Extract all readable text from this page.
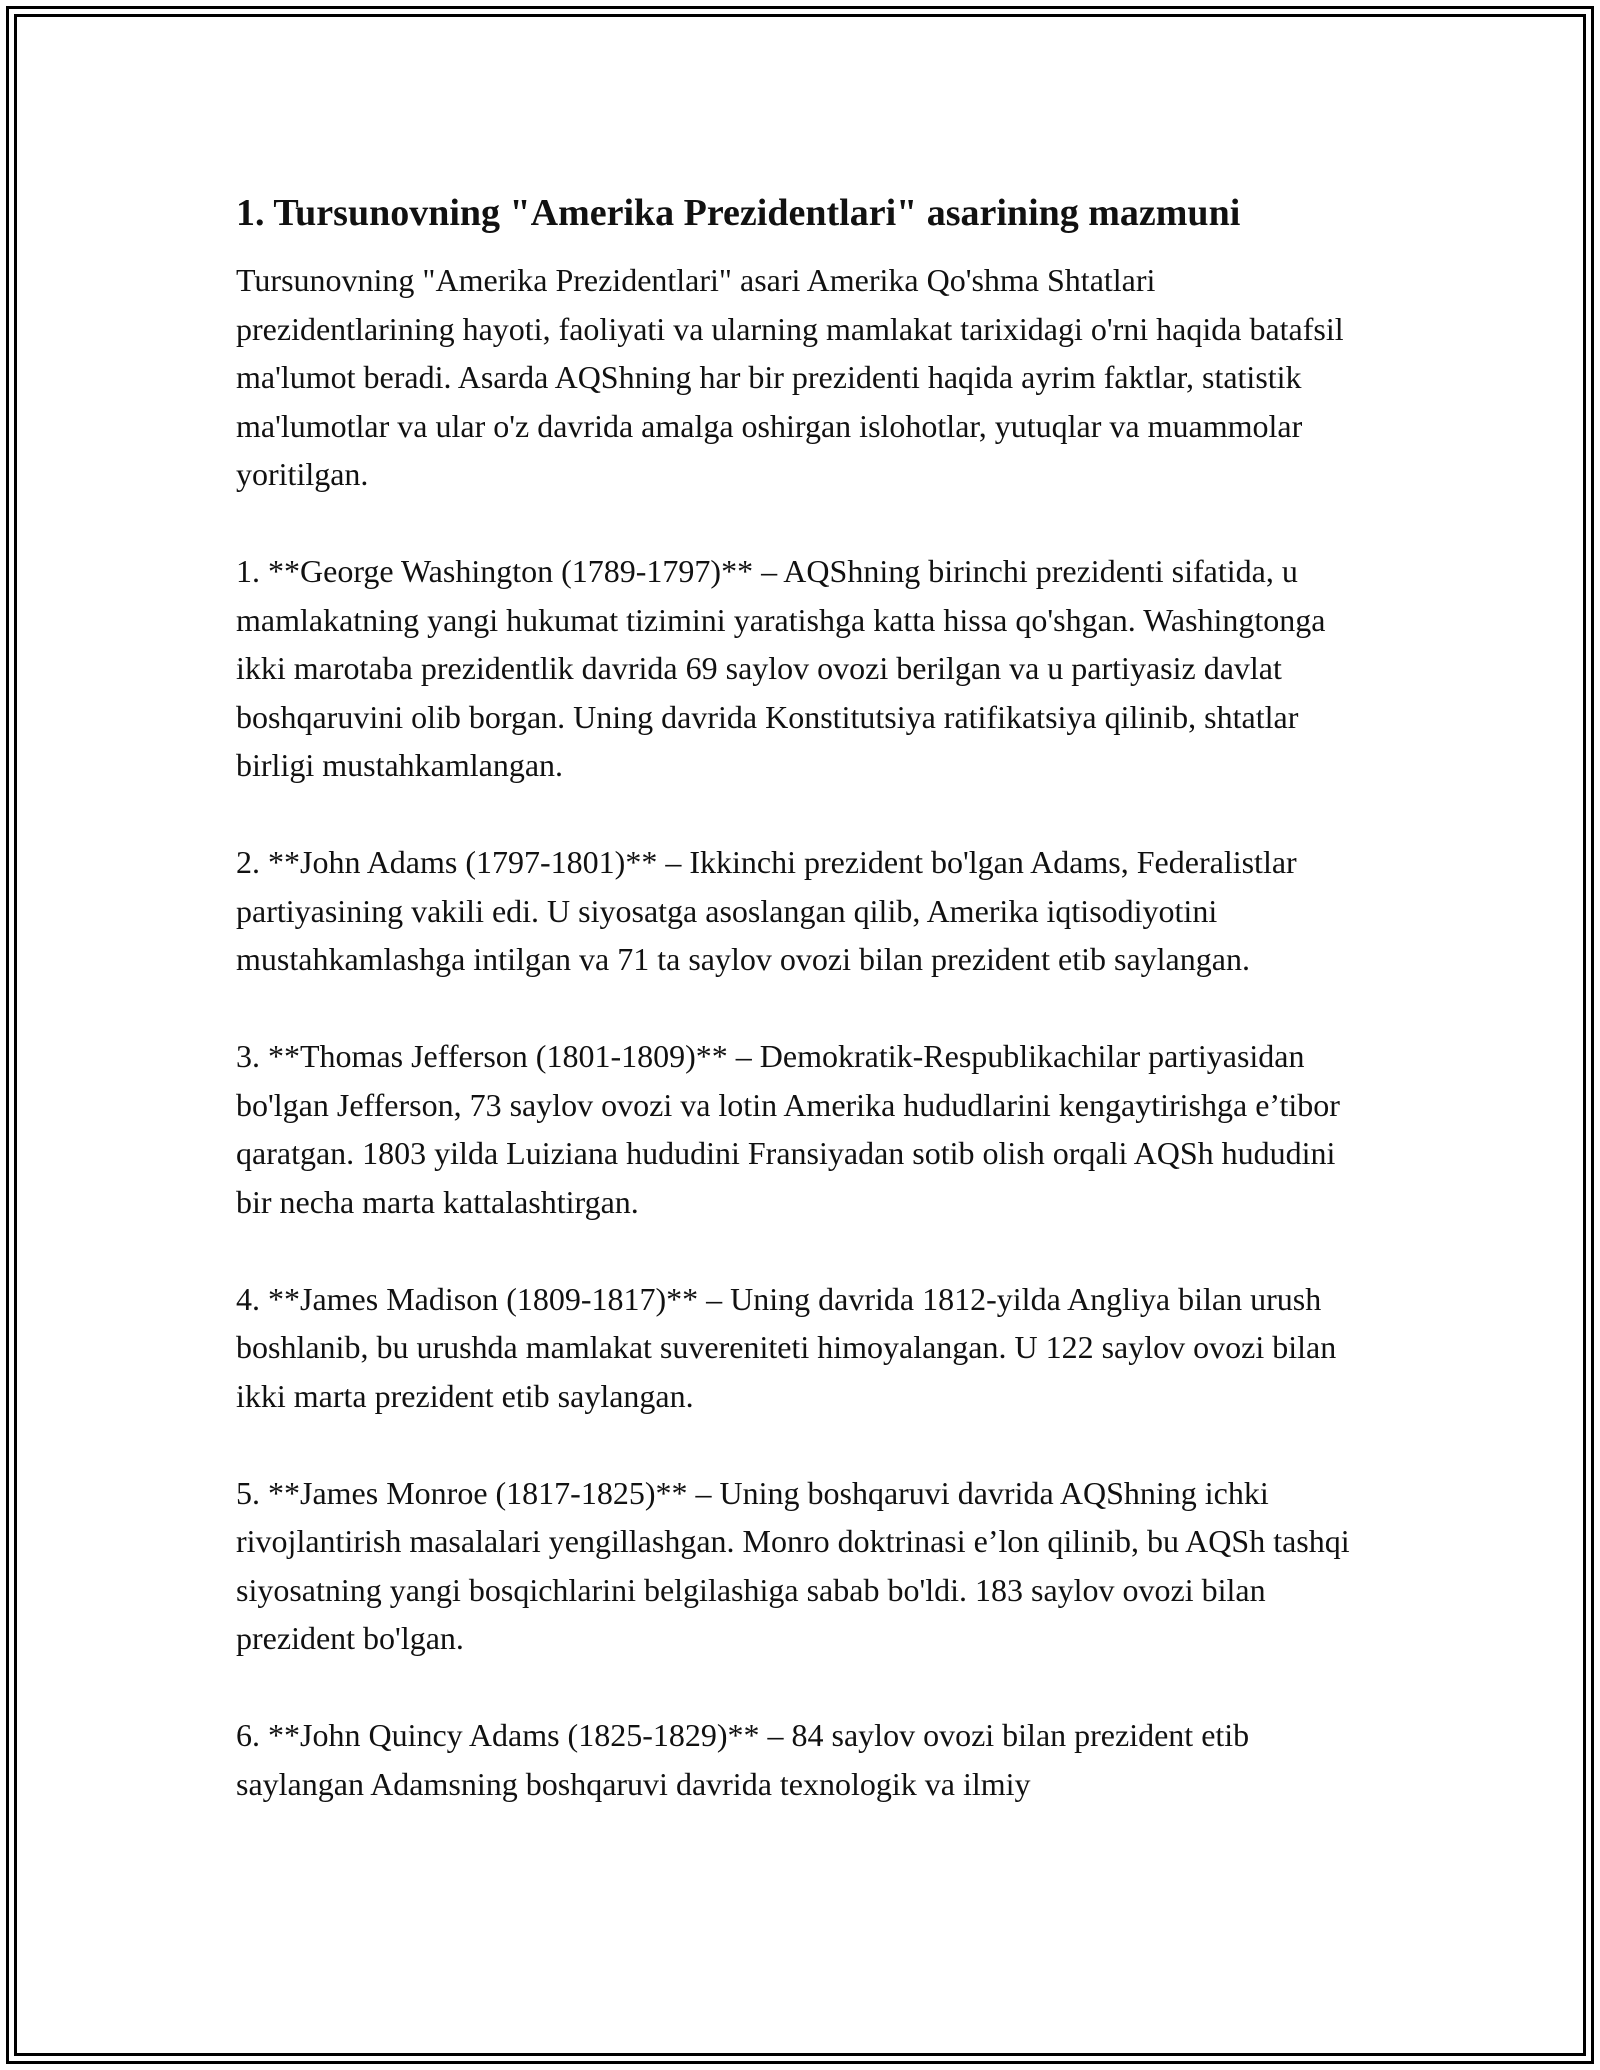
1. Tursunovning "Amerika Prezidentlari" asarining mazmuni

Tursunovning "Amerika Prezidentlari" asari Amerika Qo'shma Shtatlari prezidentlarining hayoti, faoliyati va ularning mamlakat tarixidagi o'rni haqida batafsil ma'lumot beradi. Asarda AQShning har bir prezidenti haqida ayrim faktlar, statistik ma'lumotlar va ular o'z davrida amalga oshirgan islohotlar, yutuqlar va muammolar yoritilgan.

1. **George Washington (1789-1797)** – AQShning birinchi prezidenti sifatida, u mamlakatning yangi hukumat tizimini yaratishga katta hissa qo'shgan. Washingtonga ikki marotaba prezidentlik davrida 69 saylov ovozi berilgan va u partiyasiz davlat boshqaruvini olib borgan. Uning davrida Konstitutsiya ratifikatsiya qilinib, shtatlar birligi mustahkamlangan.

2. **John Adams (1797-1801)** – Ikkinchi prezident bo'lgan Adams, Federalistlar partiyasining vakili edi. U siyosatga asoslangan qilib, Amerika iqtisodiyotini mustahkamlashga intilgan va 71 ta saylov ovozi bilan prezident etib saylangan.

3. **Thomas Jefferson (1801-1809)** – Demokratik-Respublikachilar partiyasidan bo'lgan Jefferson, 73 saylov ovozi va lotin Amerika hududlarini kengaytirishga e’tibor qaratgan. 1803 yilda Luiziana hududini Fransiyadan sotib olish orqali AQSh hududini bir necha marta kattalashtirgan.

4. **James Madison (1809-1817)** – Uning davrida 1812-yilda Angliya bilan urush boshlanib, bu urushda mamlakat suvereniteti himoyalangan. U 122 saylov ovozi bilan ikki marta prezident etib saylangan.

5. **James Monroe (1817-1825)** – Uning boshqaruvi davrida AQShning ichki rivojlantirish masalalari yengillashgan. Monro doktrinasi e’lon qilinib, bu AQSh tashqi siyosatning yangi bosqichlarini belgilashiga sabab bo'ldi. 183 saylov ovozi bilan prezident bo'lgan.

6. **John Quincy Adams (1825-1829)** – 84 saylov ovozi bilan prezident etib saylangan Adamsning boshqaruvi davrida texnologik va ilmiy
